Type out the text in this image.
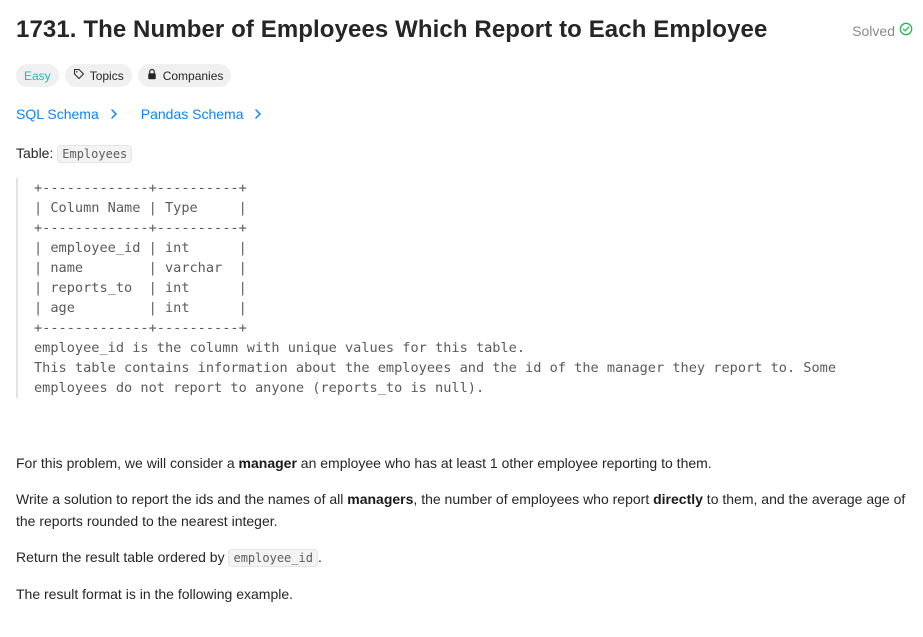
1731. The Number of Employees Which Report to Each Employee	Solved
Easy	Topics	Companies
SQL Schema	Pandas Schema
Table: Employees
+-------------+----------+
| Column Name | Type     |
+-------------+----------+
| employee_id | int      |
| name        | varchar  |
| reports_to  | int      |
| age         | int      |
+-------------+----------+
employee_id is the column with unique values for this table.
This table contains information about the employees and the id of the manager they report to. Some
employees do not report to anyone (reports_to is null).
For this problem, we will consider a manager an employee who has at least 1 other employee reporting to them.
Write a solution to report the ids and the names of all managers, the number of employees who report directly to them, and the average age of the reports rounded to the nearest integer.
Return the result table ordered by employee_id .
The result format is in the following example.
